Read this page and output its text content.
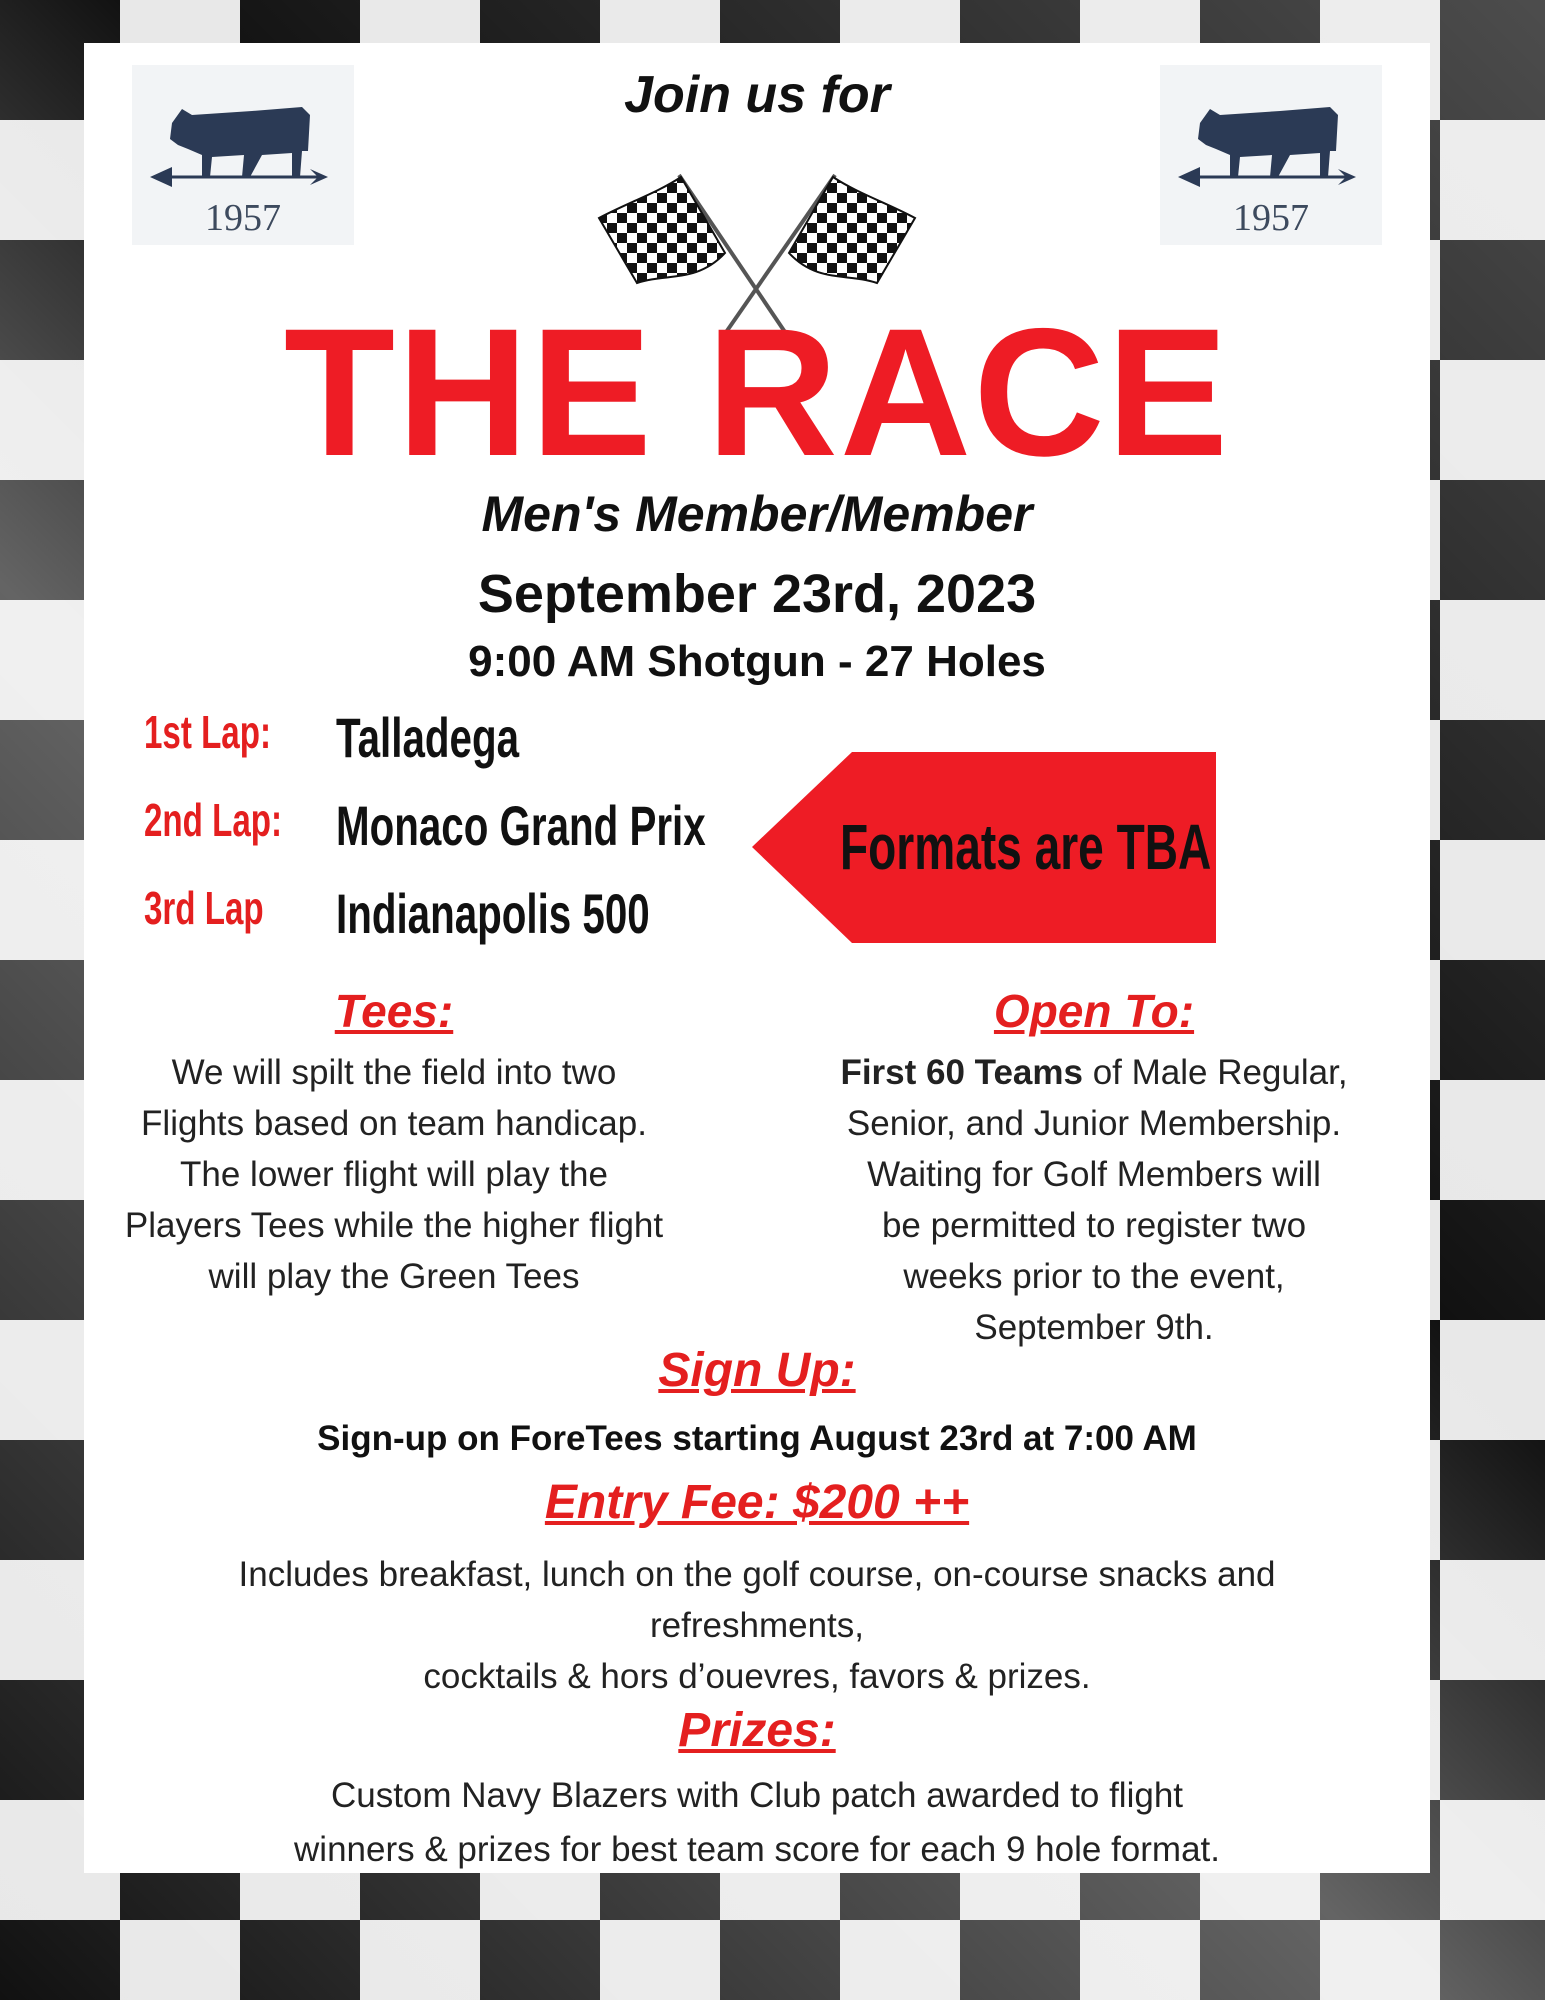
1957	1957
Join us for
THE RACE
Men's Member/Member
September 23rd, 2023
9:00 AM Shotgun - 27 Holes
1st Lap: Talladega
2nd Lap: Monaco Grand Prix
3rd Lap Indianapolis 500
Formats are TBA
Tees:
We will spilt the field into two
Flights based on team handicap.
The lower flight will play the
Players Tees while the higher flight
will play the Green Tees
Open To:
First 60 Teams of Male Regular,
Senior, and Junior Membership.
Waiting for Golf Members will
be permitted to register two
weeks prior to the event,
September 9th.
Sign Up:
Sign-up on ForeTees starting August 23rd at 7:00 AM
Entry Fee: $200 ++
Includes breakfast, lunch on the golf course, on-course snacks and
refreshments,
cocktails & hors d’ouevres, favors & prizes.
Prizes:
Custom Navy Blazers with Club patch awarded to flight
winners & prizes for best team score for each 9 hole format.
